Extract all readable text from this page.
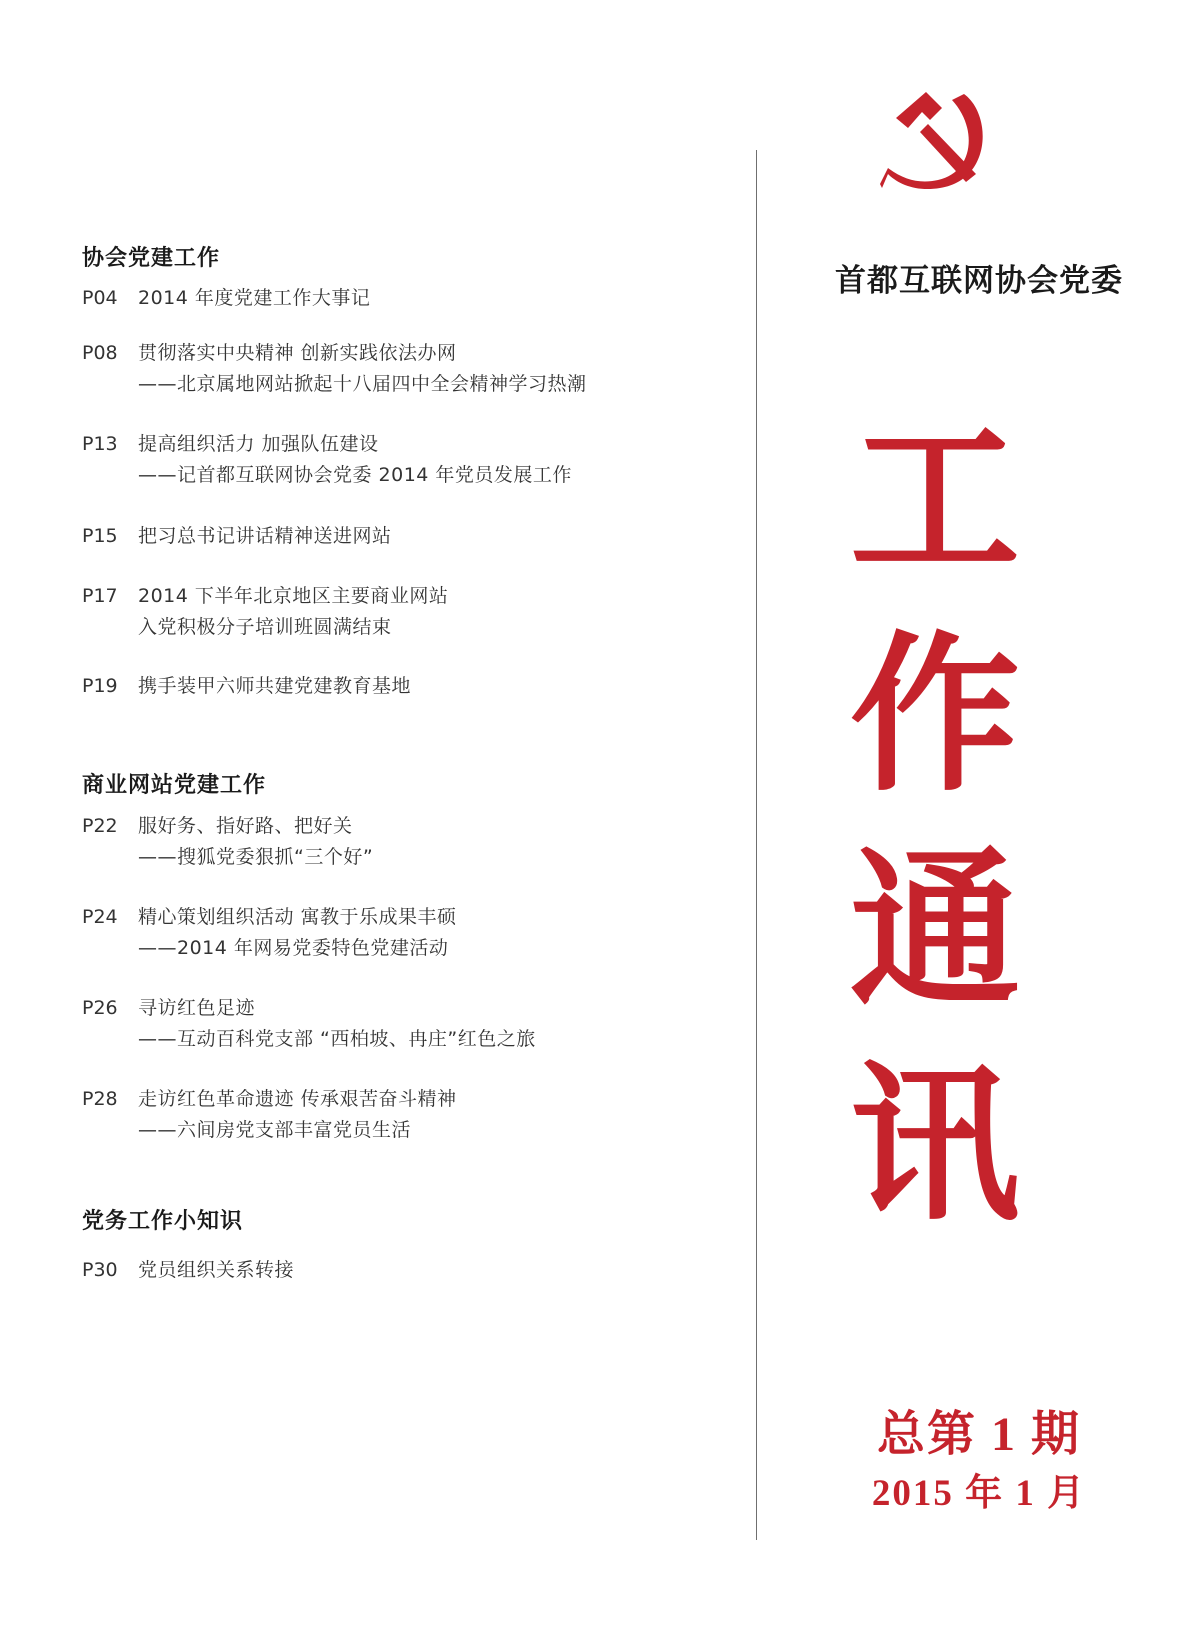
协会党建工作
P04 2014 年度党建工作大事记
P08 贯彻落实中央精神 创新实践依法办网
——北京属地网站掀起十八届四中全会精神学习热潮
P13 提高组织活力 加强队伍建设
——记首都互联网协会党委 2014 年党员发展工作
P15 把习总书记讲话精神送进网站
P17 2014 下半年北京地区主要商业网站
入党积极分子培训班圆满结束
P19 携手装甲六师共建党建教育基地
商业网站党建工作
P22 服好务、指好路、把好关
——搜狐党委狠抓“三个好”
P24 精心策划组织活动 寓教于乐成果丰硕
——2014 年网易党委特色党建活动
P26 寻访红色足迹
——互动百科党支部 “西柏坡、冉庄”红色之旅
P28 走访红色革命遗迹 传承艰苦奋斗精神
——六间房党支部丰富党员生活
党务工作小知识
P30 党员组织关系转接
首都互联网协会党委
工
作
通
讯
总第 1 期
2015 年 1 月
